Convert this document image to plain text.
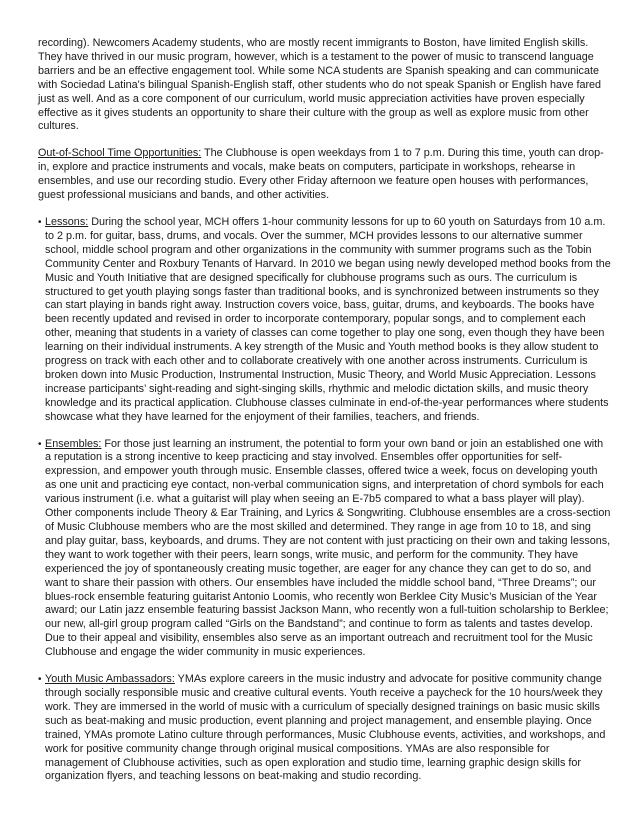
recording). Newcomers Academy students, who are mostly recent immigrants to Boston, have limited English skills. They have thrived in our music program, however, which is a testament to the power of music to transcend language barriers and be an effective engagement tool. While some NCA students are Spanish speaking and can communicate with Sociedad Latina's bilingual Spanish-English staff, other students who do not speak Spanish or English have fared just as well. And as a core component of our curriculum, world music appreciation activities have proven especially effective as it gives students an opportunity to share their culture with the group as well as explore music from other cultures.

Out-of-School Time Opportunities: The Clubhouse is open weekdays from 1 to 7 p.m. During this time, youth can drop-in, explore and practice instruments and vocals, make beats on computers, participate in workshops, rehearse in ensembles, and use our recording studio. Every other Friday afternoon we feature open houses with performances, guest professional musicians and bands, and other activities.

• Lessons: During the school year, MCH offers 1-hour community lessons for up to 60 youth on Saturdays from 10 a.m. to 2 p.m. for guitar, bass, drums, and vocals. Over the summer, MCH provides lessons to our alternative summer school, middle school program and other organizations in the community with summer programs such as the Tobin Community Center and Roxbury Tenants of Harvard. In 2010 we began using newly developed method books from the Music and Youth Initiative that are designed specifically for clubhouse programs such as ours. The curriculum is structured to get youth playing songs faster than traditional books, and is synchronized between instruments so they can start playing in bands right away. Instruction covers voice, bass, guitar, drums, and keyboards. The books have been recently updated and revised in order to incorporate contemporary, popular songs, and to complement each other, meaning that students in a variety of classes can come together to play one song, even though they have been learning on their individual instruments. A key strength of the Music and Youth method books is they allow student to progress on track with each other and to collaborate creatively with one another across instruments. Curriculum is broken down into Music Production, Instrumental Instruction, Music Theory, and World Music Appreciation. Lessons increase participants’ sight-reading and sight-singing skills, rhythmic and melodic dictation skills, and music theory knowledge and its practical application. Clubhouse classes culminate in end-of-the-year performances where students showcase what they have learned for the enjoyment of their families, teachers, and friends.

• Ensembles: For those just learning an instrument, the potential to form your own band or join an established one with a reputation is a strong incentive to keep practicing and stay involved. Ensembles offer opportunities for self-expression, and empower youth through music. Ensemble classes, offered twice a week, focus on developing youth as one unit and practicing eye contact, non-verbal communication signs, and interpretation of chord symbols for each various instrument (i.e. what a guitarist will play when seeing an E-7b5 compared to what a bass player will play). Other components include Theory & Ear Training, and Lyrics & Songwriting. Clubhouse ensembles are a cross-section of Music Clubhouse members who are the most skilled and determined. They range in age from 10 to 18, and sing and play guitar, bass, keyboards, and drums. They are not content with just practicing on their own and taking lessons, they want to work together with their peers, learn songs, write music, and perform for the community. They have experienced the joy of spontaneously creating music together, are eager for any chance they can get to do so, and want to share their passion with others. Our ensembles have included the middle school band, “Three Dreams”; our blues-rock ensemble featuring guitarist Antonio Loomis, who recently won Berklee City Music’s Musician of the Year award; our Latin jazz ensemble featuring bassist Jackson Mann, who recently won a full-tuition scholarship to Berklee; our new, all-girl group program called “Girls on the Bandstand”; and continue to form as talents and tastes develop. Due to their appeal and visibility, ensembles also serve as an important outreach and recruitment tool for the Music Clubhouse and engage the wider community in music experiences.

• Youth Music Ambassadors: YMAs explore careers in the music industry and advocate for positive community change through socially responsible music and creative cultural events. Youth receive a paycheck for the 10 hours/week they work. They are immersed in the world of music with a curriculum of specially designed trainings on basic music skills such as beat-making and music production, event planning and project management, and ensemble playing. Once trained, YMAs promote Latino culture through performances, Music Clubhouse events, activities, and workshops, and work for positive community change through original musical compositions. YMAs are also responsible for management of Clubhouse activities, such as open exploration and studio time, learning graphic design skills for organization flyers, and teaching lessons on beat-making and studio recording.
